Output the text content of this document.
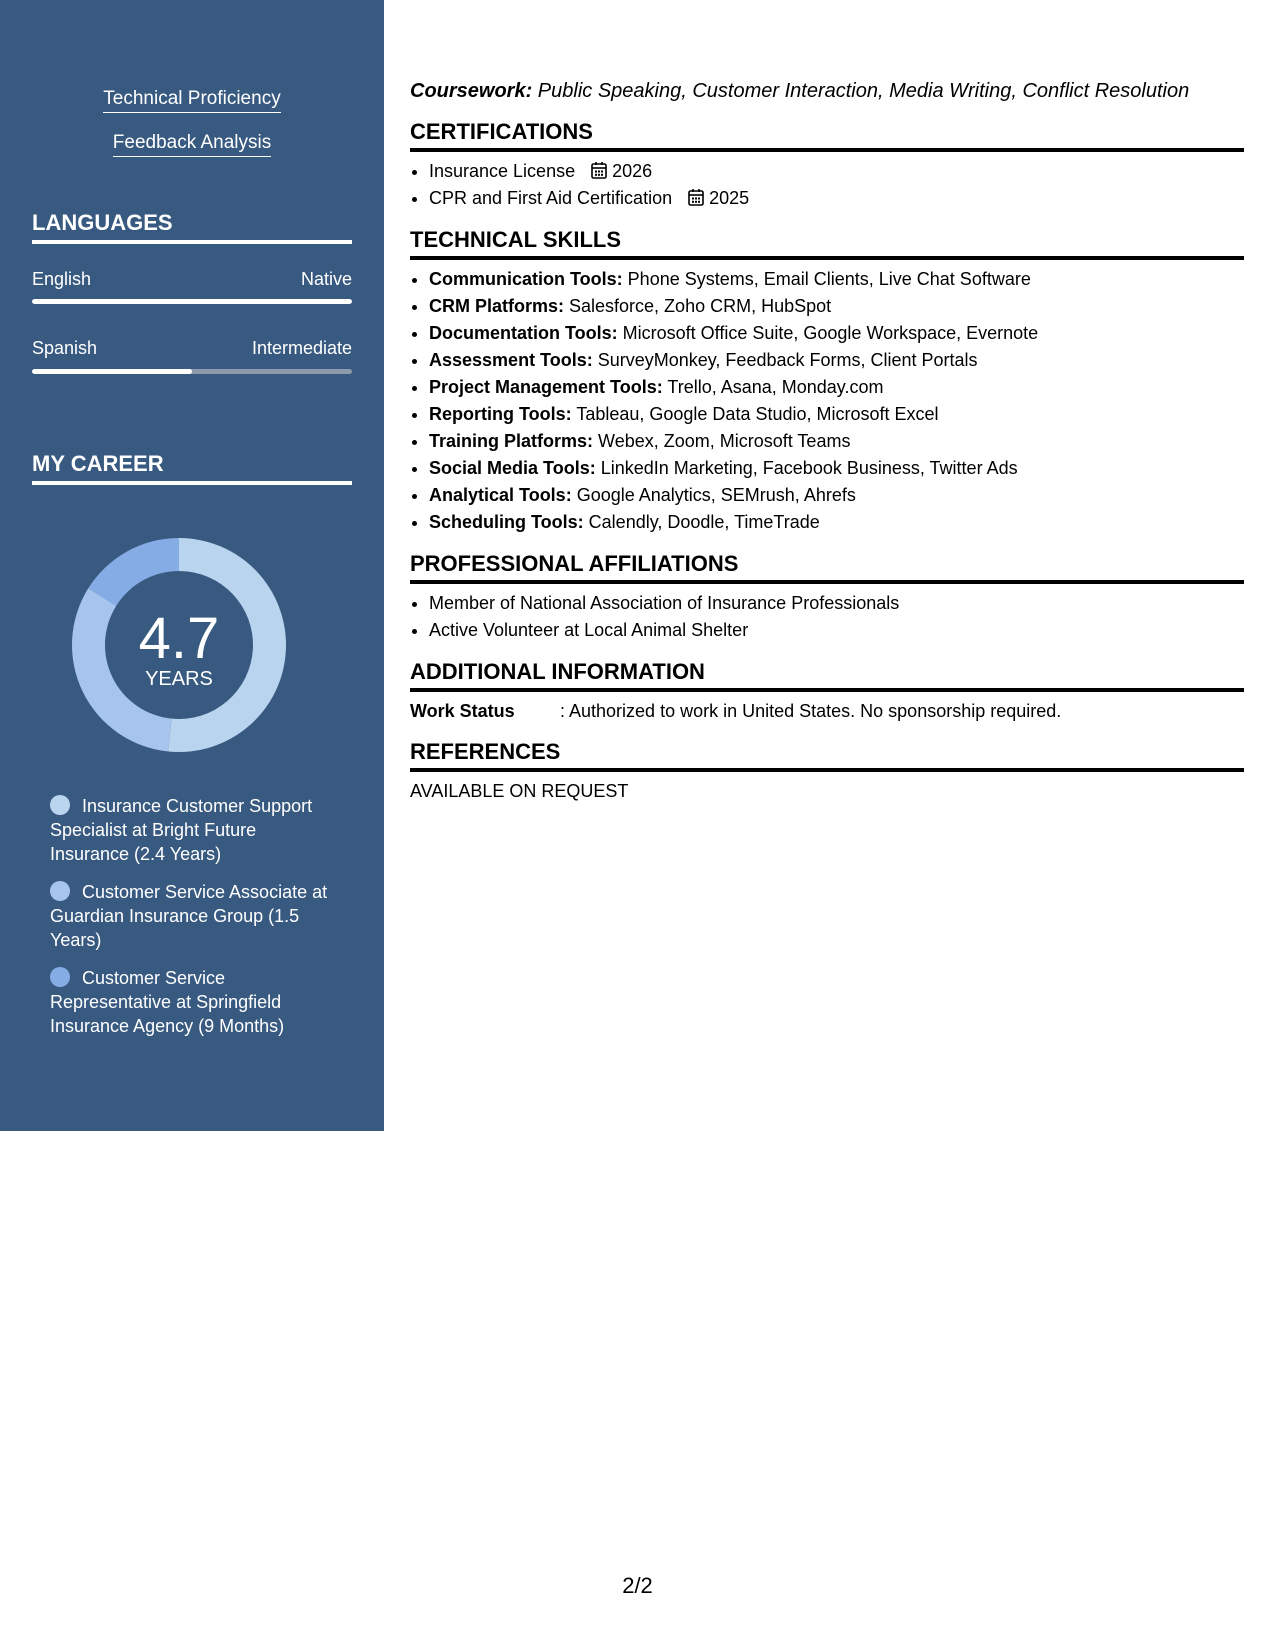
Technical Proficiency
Feedback Analysis
LANGUAGES
English	Native
Spanish	Intermediate
MY CAREER
4.7
YEARS
Insurance Customer Support Specialist at Bright Future Insurance (2.4 Years)
Customer Service Associate at Guardian Insurance Group (1.5 Years)
Customer Service Representative at Springfield Insurance Agency (9 Months)
Coursework: Public Speaking, Customer Interaction, Media Writing, Conflict Resolution
CERTIFICATIONS
• Insurance License 2026
• CPR and First Aid Certification 2025
TECHNICAL SKILLS
• Communication Tools: Phone Systems, Email Clients, Live Chat Software
• CRM Platforms: Salesforce, Zoho CRM, HubSpot
• Documentation Tools: Microsoft Office Suite, Google Workspace, Evernote
• Assessment Tools: SurveyMonkey, Feedback Forms, Client Portals
• Project Management Tools: Trello, Asana, Monday.com
• Reporting Tools: Tableau, Google Data Studio, Microsoft Excel
• Training Platforms: Webex, Zoom, Microsoft Teams
• Social Media Tools: LinkedIn Marketing, Facebook Business, Twitter Ads
• Analytical Tools: Google Analytics, SEMrush, Ahrefs
• Scheduling Tools: Calendly, Doodle, TimeTrade
PROFESSIONAL AFFILIATIONS
• Member of National Association of Insurance Professionals
• Active Volunteer at Local Animal Shelter
ADDITIONAL INFORMATION
Work Status	: Authorized to work in United States. No sponsorship required.
REFERENCES
AVAILABLE ON REQUEST
2/2
